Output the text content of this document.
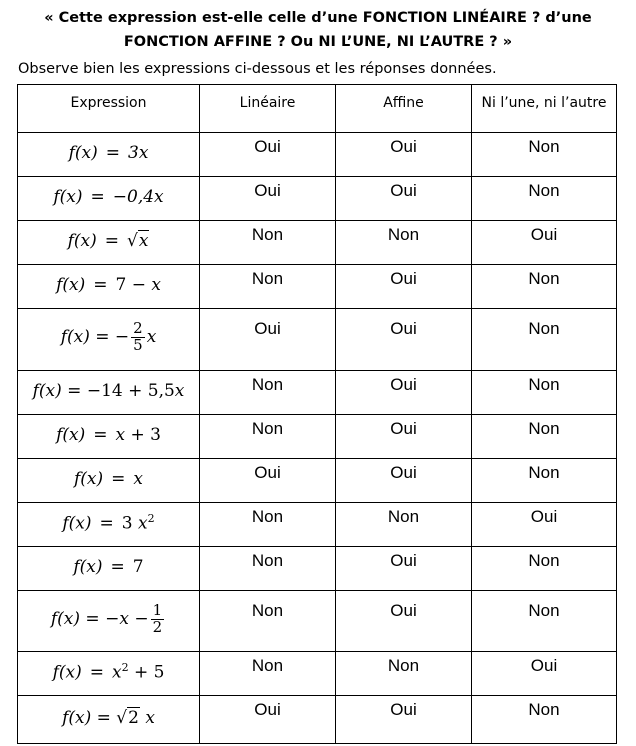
« Cette expression est-elle celle d’une FONCTION LINÉAIRE ? d’une
FONCTION AFFINE ? Ou NI L’UNE, NI L’AUTRE ? »
Observe bien les expressions ci-dessous et les réponses données.
Expression	Linéaire	Affine	Ni l’une, ni l’autre
f(x) = 3x	Oui	Oui	Non
f(x) = −0,4x	Oui	Oui	Non
f(x) = √x	Non	Non	Oui
f(x) = 7 − x	Non	Oui	Non
f(x) = − $\frac{2}{5}$ x	Oui	Oui	Non
f(x) = −14 + 5,5x	Non	Oui	Non
f(x) = x + 3	Non	Oui	Non
f(x) = x	Oui	Oui	Non
f(x) = 3 $x^2$	Non	Non	Oui
f(x) = 7	Non	Oui	Non
$f(x) = -x - \frac{1}{2}$	Non	Oui	Non
$f(x) = x^2 + 5$	Non	Non	Oui
f(x) = √2 x	Oui	Oui	Non
